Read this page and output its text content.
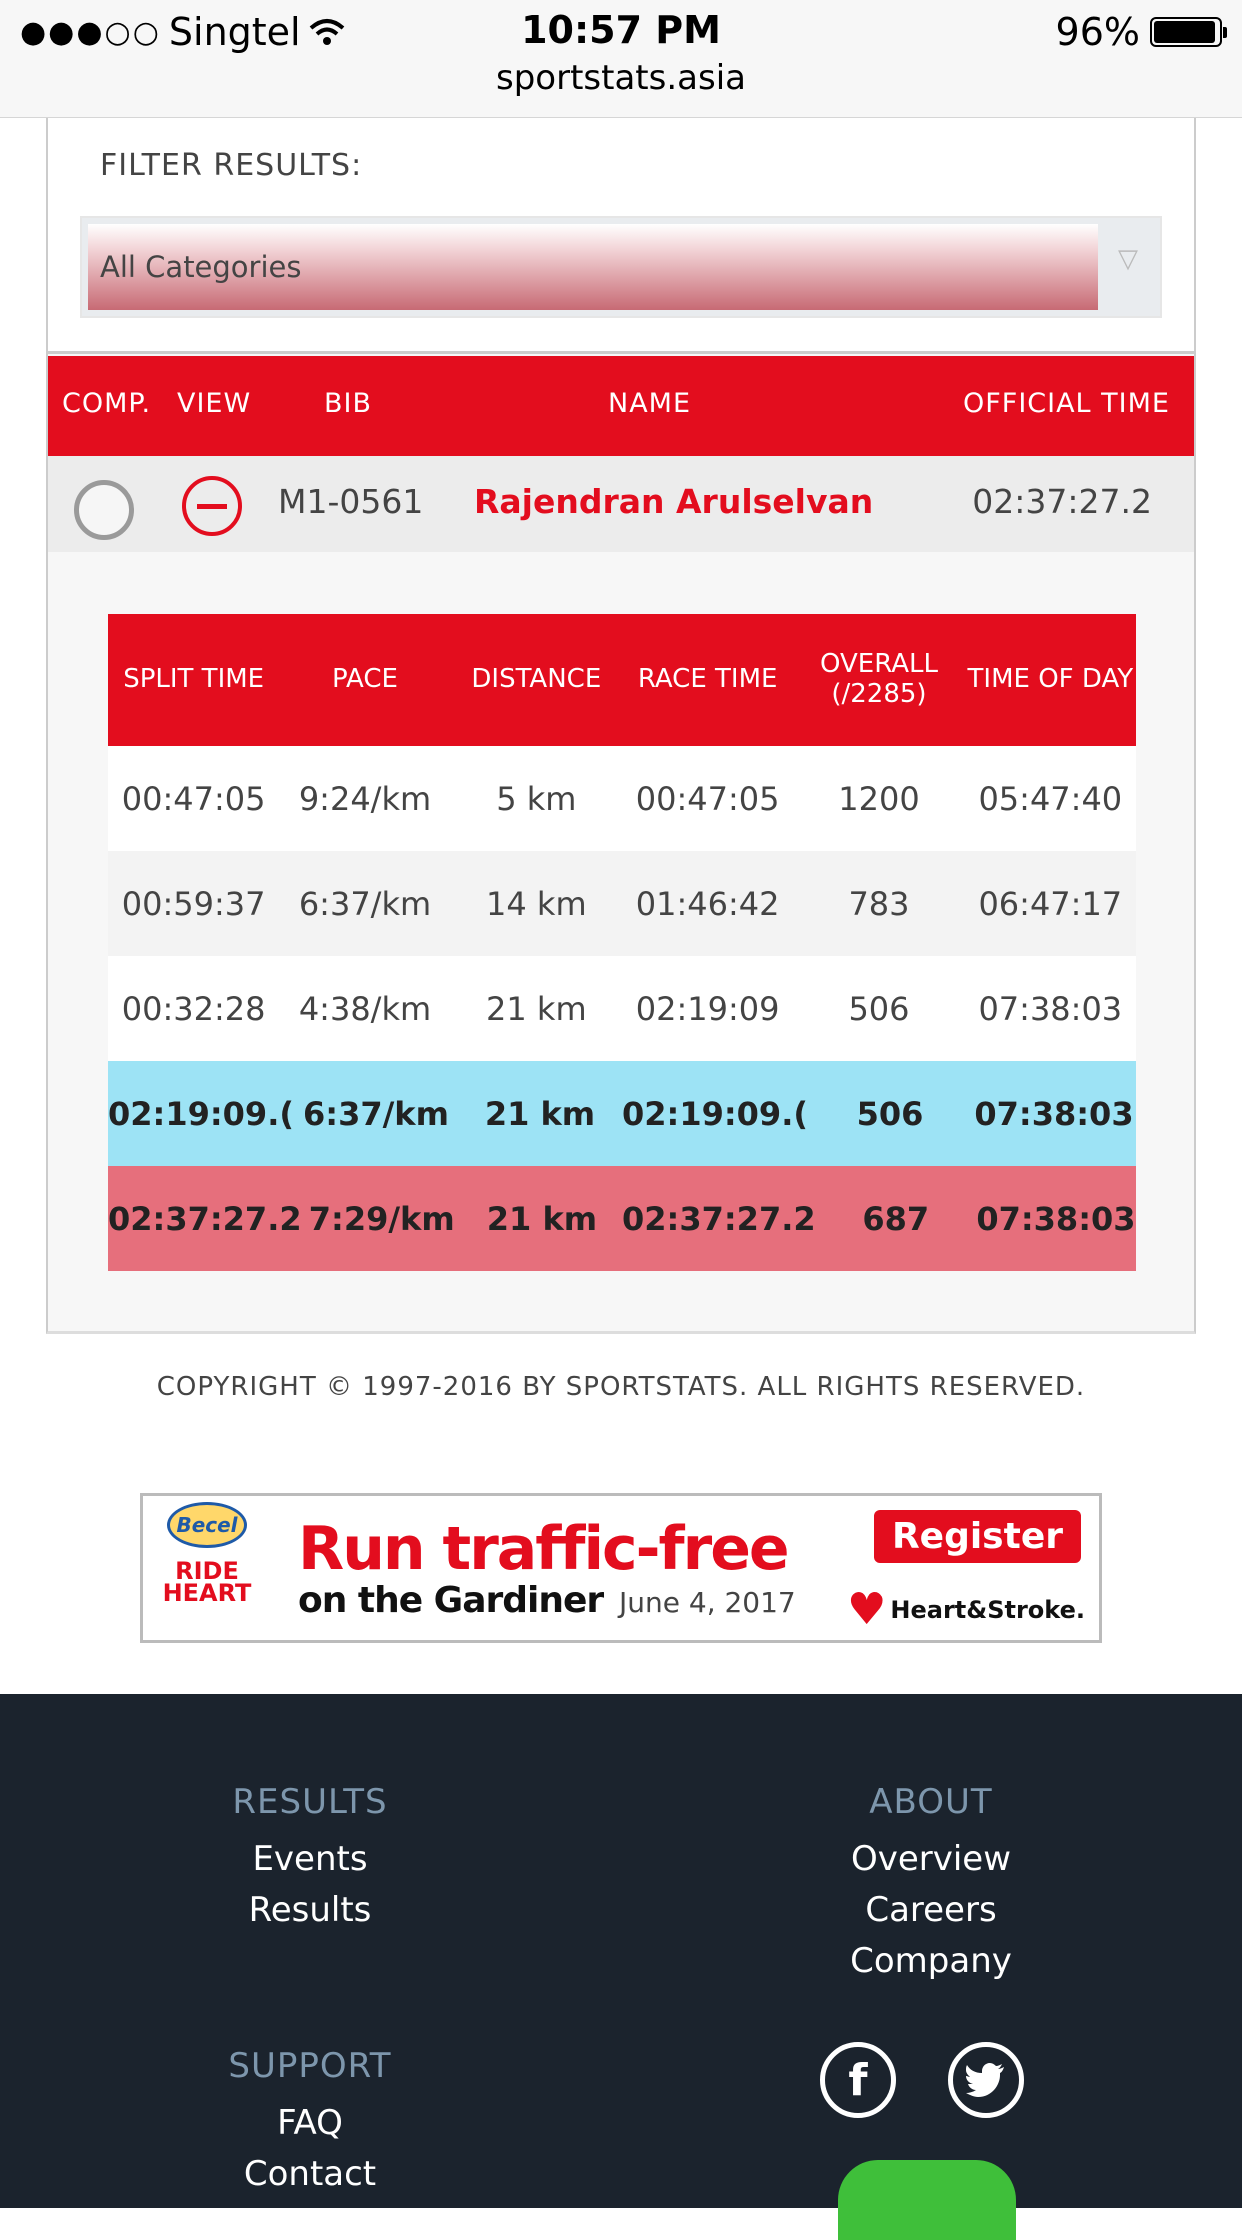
●●●○○ Singtel	10:57 PM	96%
sportstats.asia
FILTER RESULTS:
All Categories	▽
COMP. VIEW	BIB	NAME	OFFICIAL TIME
M1-0561 Rajendran Arulselvan	02:37:27.2
SPLIT TIME	PACE	DISTANCE	RACE TIME	OVERALL (/2285)	TIME OF DAY
00:47:05	9:24/km	5 km	00:47:05	1200	05:47:40
00:59:37	6:37/km	14 km	01:46:42	783	06:47:17
00:32:28	4:38/km	21 km	02:19:09	506	07:38:03
02:19:09.( 6:37/km	21 km 02:19:09.(	506	07:38:03
02:37:27.2 7:29/km	21 km 02:37:27.2	687	07:38:03
COPYRIGHT © 1997-2016 BY SPORTSTATS. ALL RIGHTS RESERVED.
Becel
RIDE HEART
Run traffic-free
on the Gardiner June 4, 2017
Register
♥ Heart&Stroke.
RESULTS
Events
Results
ABOUT
Overview
Careers
Company
SUPPORT
FAQ
Contact
f
